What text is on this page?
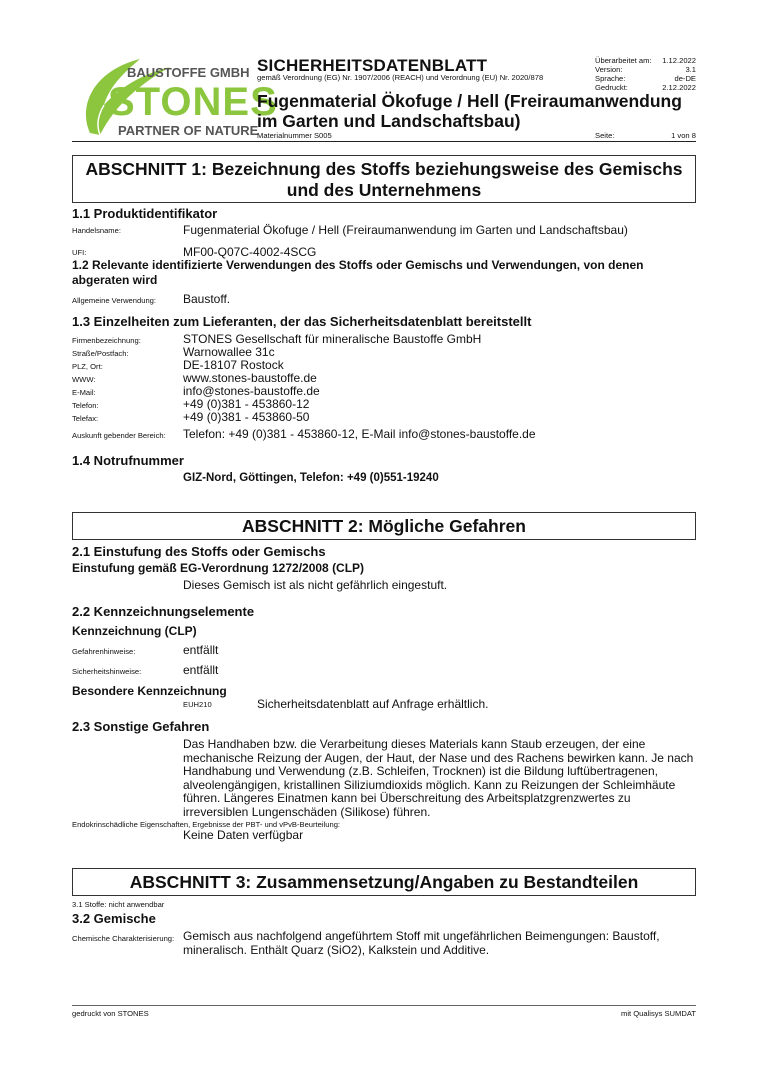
BAUSTOFFE GMBH
STONES
PARTNER OF NATURE
SICHERHEITSDATENBLATT
gemäß Verordnung (EG) Nr. 1907/2006 (REACH) und Verordnung (EU) Nr. 2020/878
Fugenmaterial Ökofuge / Hell (Freiraumanwendung im Garten und Landschaftsbau)
Materialnummer S005
Überarbeitet am: 1.12.2022
Version:	3.1
Sprache:	de-DE
Gedruckt:	2.12.2022
Seite:	1 von 8
ABSCHNITT 1: Bezeichnung des Stoffs beziehungsweise des Gemischs und des Unternehmens
1.1 Produktidentifikator
Handelsname:	Fugenmaterial Ökofuge / Hell (Freiraumanwendung im Garten und Landschaftsbau)
UFI:	MF00-Q07C-4002-4SCG
1.2 Relevante identifizierte Verwendungen des Stoffs oder Gemischs und Verwendungen, von denen abgeraten wird
Allgemeine Verwendung: Baustoff.
1.3 Einzelheiten zum Lieferanten, der das Sicherheitsdatenblatt bereitstellt
Firmenbezeichnung:	STONES Gesellschaft für mineralische Baustoffe GmbH
Straße/Postfach:	Warnowallee 31c
PLZ, Ort:	DE-18107 Rostock
WWW:	www.stones-baustoffe.de
E-Mail:	info@stones-baustoffe.de
Telefon:	+49 (0)381 - 453860-12
Telefax:	+49 (0)381 - 453860-50
Auskunft gebender Bereich: Telefon: +49 (0)381 - 453860-12, E-Mail info@stones-baustoffe.de
1.4 Notrufnummer
GIZ-Nord, Göttingen, Telefon: +49 (0)551-19240
ABSCHNITT 2: Mögliche Gefahren
2.1 Einstufung des Stoffs oder Gemischs
Einstufung gemäß EG-Verordnung 1272/2008 (CLP)
Dieses Gemisch ist als nicht gefährlich eingestuft.
2.2 Kennzeichnungselemente
Kennzeichnung (CLP)
Gefahrenhinweise:	entfällt
Sicherheitshinweise:	entfällt
Besondere Kennzeichnung
EUH210	Sicherheitsdatenblatt auf Anfrage erhältlich.
2.3 Sonstige Gefahren
Das Handhaben bzw. die Verarbeitung dieses Materials kann Staub erzeugen, der eine
mechanische Reizung der Augen, der Haut, der Nase und des Rachens bewirken kann. Je nach
Handhabung und Verwendung (z.B. Schleifen, Trocknen) ist die Bildung luftübertragenen,
alveolengängigen, kristallinen Siliziumdioxids möglich. Kann zu Reizungen der Schleimhäute
führen. Längeres Einatmen kann bei Überschreitung des Arbeitsplatzgrenzwertes zu
irreversiblen Lungenschäden (Silikose) führen.
Endokrinschädliche Eigenschaften, Ergebnisse der PBT- und vPvB-Beurteilung:
Keine Daten verfügbar
ABSCHNITT 3: Zusammensetzung/Angaben zu Bestandteilen
3.1 Stoffe: nicht anwendbar
3.2 Gemische
Chemische Charakterisierung: Gemisch aus nachfolgend angeführtem Stoff mit ungefährlichen Beimengungen: Baustoff,
mineralisch. Enthält Quarz (SiO2), Kalkstein und Additive.
gedruckt von STONES	mit Qualisys SUMDAT
